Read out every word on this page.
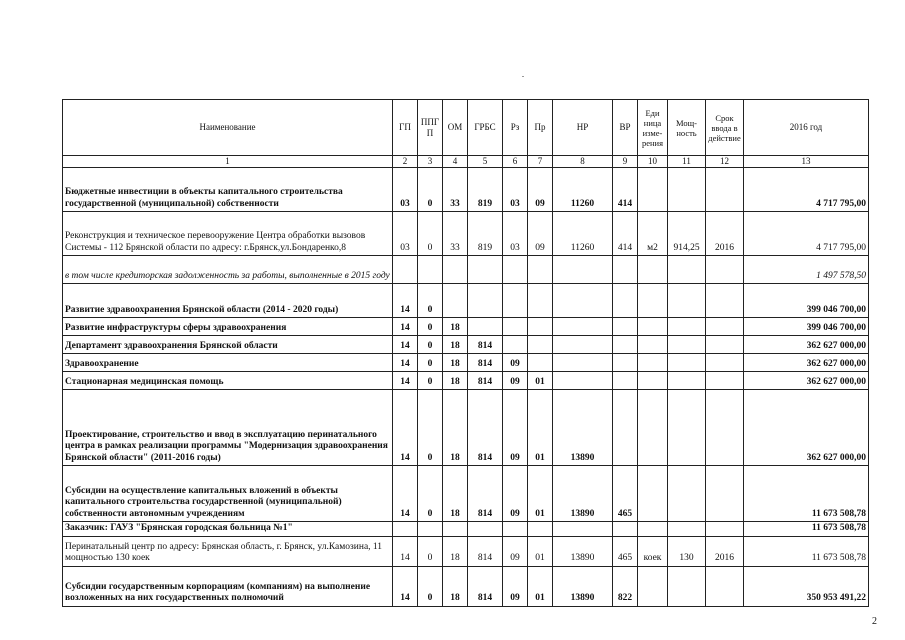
Наименование	ГП	ППГ П	ОМ	ГРБС	Рз	Пр	НР	ВР	Еди ница изме- рения	Мощ- ность	Срок ввода в действие	2016 год
1	2	3	4	5	6	7	8	9	10	11	12	13
Бюджетные инвестиции в объекты капитального строительства государственной (муниципальной) собственности	03	0	33	819	03	09	11260	414				4 717 795,00
Реконструкция и техническое перевооружение Центра обработки вызовов Системы - 112 Брянской области по адресу: г.Брянск,ул.Бондаренко,8	03	0	33	819	03	09	11260	414	м2	914,25	2016	4 717 795,00
в том числе кредиторская задолженность за работы, выполненные в 2015 году												1 497 578,50
Развитие здравоохранения Брянской области (2014 - 2020 годы)	14	0										399 046 700,00
Развитие инфраструктуры сферы здравоохранения	14	0	18									399 046 700,00
Департамент здравоохранения Брянской области	14	0	18	814								362 627 000,00
Здравоохранение	14	0	18	814	09							362 627 000,00
Стационарная медицинская помощь	14	0	18	814	09	01						362 627 000,00
Проектирование, строительство и ввод в эксплуатацию перинатального центра в рамках реализации программы "Модернизация здравоохранения Брянской области" (2011-2016 годы)	14	0	18	814	09	01	13890					362 627 000,00
Субсидии на осуществление капитальных вложений в объекты капитального строительства государственной (муниципальной) собственности автономным учреждениям	14	0	18	814	09	01	13890	465				11 673 508,78
Заказчик: ГАУЗ "Брянская городская больница №1"												11 673 508,78
Перинатальный центр по адресу: Брянская область, г. Брянск, ул.Камозина, 11 мощностью 130 коек	14	0	18	814	09	01	13890	465	коек	130	2016	11 673 508,78
Субсидии государственным корпорациям (компаниям) на выполнение возложенных на них государственных полномочий	14	0	18	814	09	01	13890	822				350 953 491,22
2
